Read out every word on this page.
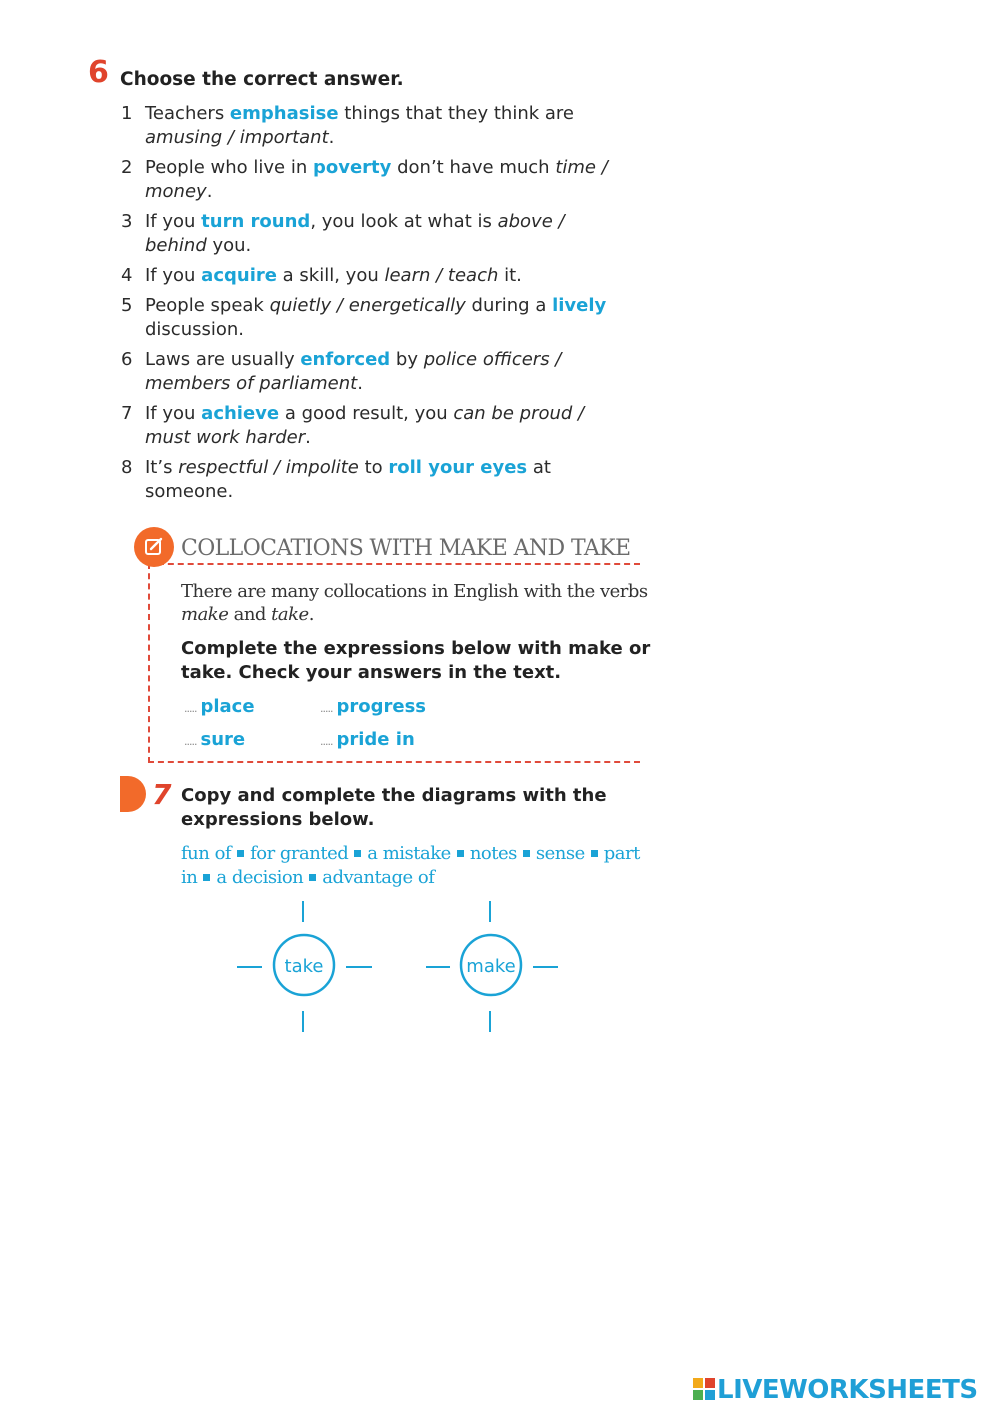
6 Choose the correct answer.
1 Teachers emphasise things that they think are amusing / important.
2 People who live in poverty don’t have much time / money.
3 If you turn round, you look at what is above / behind you.
4 If you acquire a skill, you learn / teach it.
5 People speak quietly / energetically during a lively discussion.
6 Laws are usually enforced by police officers / members of parliament.
7 If you achieve a good result, you can be proud / must work harder.
8 It’s respectful / impolite to roll your eyes at someone.
COLLOCATIONS WITH MAKE AND TAKE
There are many collocations in English with the verbs make and take.
Complete the expressions below with make or take. Check your answers in the text.
..... place	..... progress
..... sure	..... pride in
7 Copy and complete the diagrams with the expressions below.
fun of for granted a mistake notes sense part in a decision advantage of
take	make
LIVEWORKSHEETS
